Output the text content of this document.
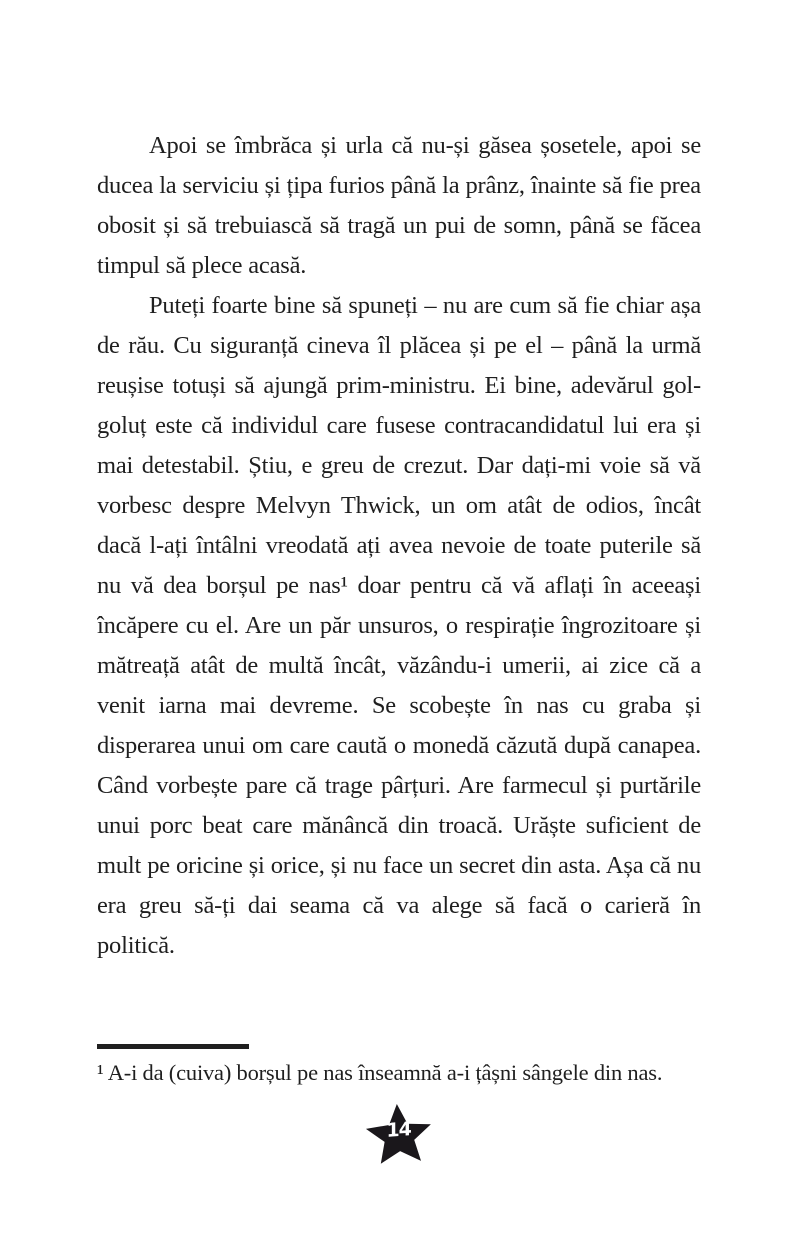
Apoi se îmbrăca și urla că nu-și găsea șosetele, apoi se ducea la serviciu și țipa furios până la prânz, înainte să fie prea obosit și să trebuiască să tragă un pui de somn, până se făcea timpul să plece acasă.

Puteți foarte bine să spuneți – nu are cum să fie chiar așa de rău. Cu siguranță cineva îl plăcea și pe el – până la urmă reușise totuși să ajungă prim-ministru. Ei bine, adevărul gol-goluț este că individul care fusese contracandidatul lui era și mai detestabil. Știu, e greu de crezut. Dar dați-mi voie să vă vorbesc despre Melvyn Thwick, un om atât de odios, încât dacă l-ați întâlni vreodată ați avea nevoie de toate puterile să nu vă dea borșul pe nas¹ doar pentru că vă aflați în aceeași încăpere cu el. Are un păr unsuros, o respirație îngrozitoare și mătreață atât de multă încât, văzându-i umerii, ai zice că a venit iarna mai devreme. Se scobește în nas cu graba și disperarea unui om care caută o monedă căzută după canapea. Când vorbește pare că trage pârțuri. Are farmecul și purtările unui porc beat care mănâncă din troacă. Urăște suficient de mult pe oricine și orice, și nu face un secret din asta. Așa că nu era greu să-ți dai seama că va alege să facă o carieră în politică.

¹ A-i da (cuiva) borșul pe nas înseamnă a-i țâșni sângele din nas.

14
